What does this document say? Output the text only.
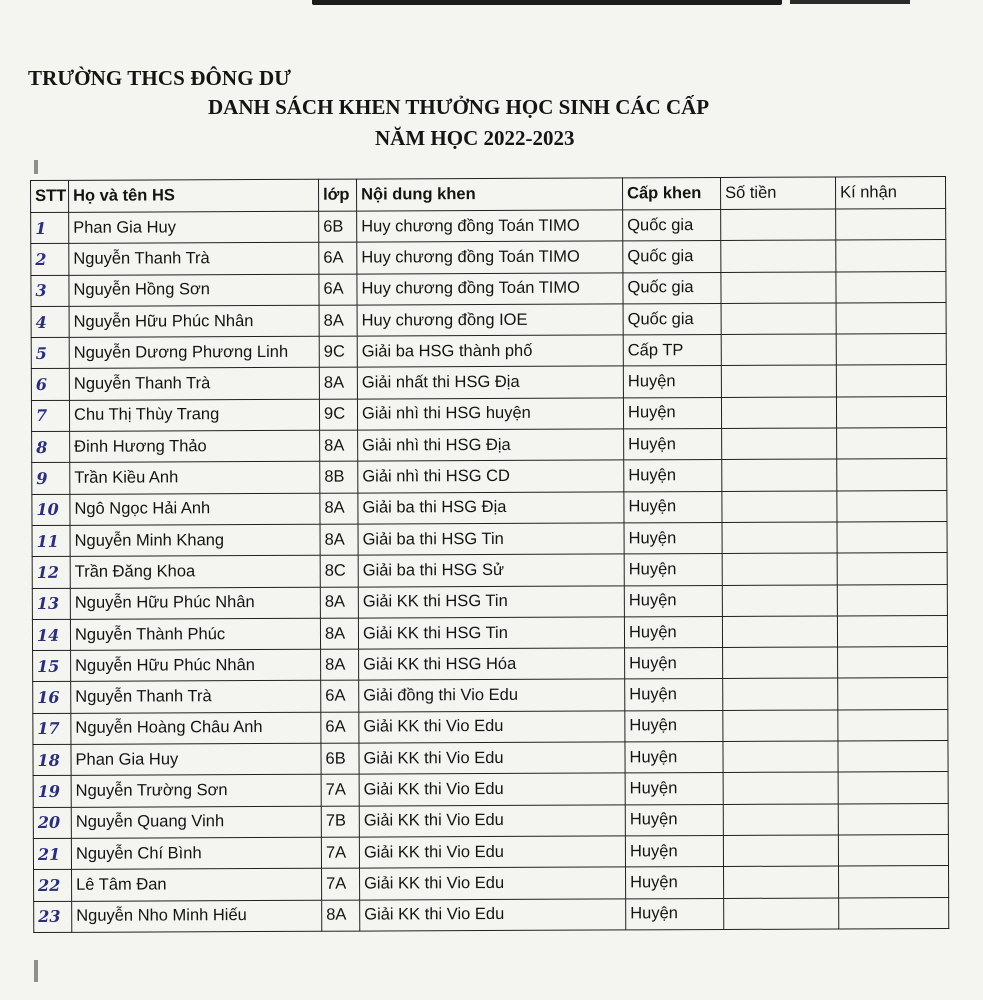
TRƯỜNG THCS ĐÔNG DƯ
DANH SÁCH KHEN THƯỞNG HỌC SINH CÁC CẤP
NĂM HỌC 2022-2023
STT	Họ và tên HS	lớp	Nội dung khen	Cấp khen	Số tiền	Kí nhận
1	Phan Gia Huy	6B	Huy chương đồng Toán TIMO	Quốc gia		
2	Nguyễn Thanh Trà	6A	Huy chương đồng Toán TIMO	Quốc gia		
3	Nguyễn Hồng Sơn	6A	Huy chương đồng Toán TIMO	Quốc gia		
4	Nguyễn Hữu Phúc Nhân	8A	Huy chương đồng IOE	Quốc gia		
5	Nguyễn Dương Phương Linh	9C	Giải ba HSG thành phố	Cấp TP		
6	Nguyễn Thanh Trà	8A	Giải nhất thi HSG Địa	Huyện		
7	Chu Thị Thùy Trang	9C	Giải nhì thi HSG huyện	Huyện		
8	Đinh Hương Thảo	8A	Giải nhì thi HSG Địa	Huyện		
9	Trần Kiều Anh	8B	Giải nhì thi HSG CD	Huyện		
10	Ngô Ngọc Hải Anh	8A	Giải ba thi HSG Địa	Huyện		
11	Nguyễn Minh Khang	8A	Giải ba thi HSG Tin	Huyện		
12	Trần Đăng Khoa	8C	Giải ba thi HSG Sử	Huyện		
13	Nguyễn Hữu Phúc Nhân	8A	Giải KK thi HSG Tin	Huyện		
14	Nguyễn Thành Phúc	8A	Giải KK thi HSG Tin	Huyện		
15	Nguyễn Hữu Phúc Nhân	8A	Giải KK thi HSG Hóa	Huyện		
16	Nguyễn Thanh Trà	6A	Giải đồng thi Vio Edu	Huyện		
17	Nguyễn Hoàng Châu Anh	6A	Giải KK thi Vio Edu	Huyện		
18	Phan Gia Huy	6B	Giải KK thi Vio Edu	Huyện		
19	Nguyễn Trường Sơn	7A	Giải KK thi Vio Edu	Huyện		
20	Nguyễn Quang Vinh	7B	Giải KK thi Vio Edu	Huyện		
21	Nguyễn Chí Bình	7A	Giải KK thi Vio Edu	Huyện		
22	Lê Tâm Đan	7A	Giải KK thi Vio Edu	Huyện		
23	Nguyễn Nho Minh Hiếu	8A	Giải KK thi Vio Edu	Huyện		
